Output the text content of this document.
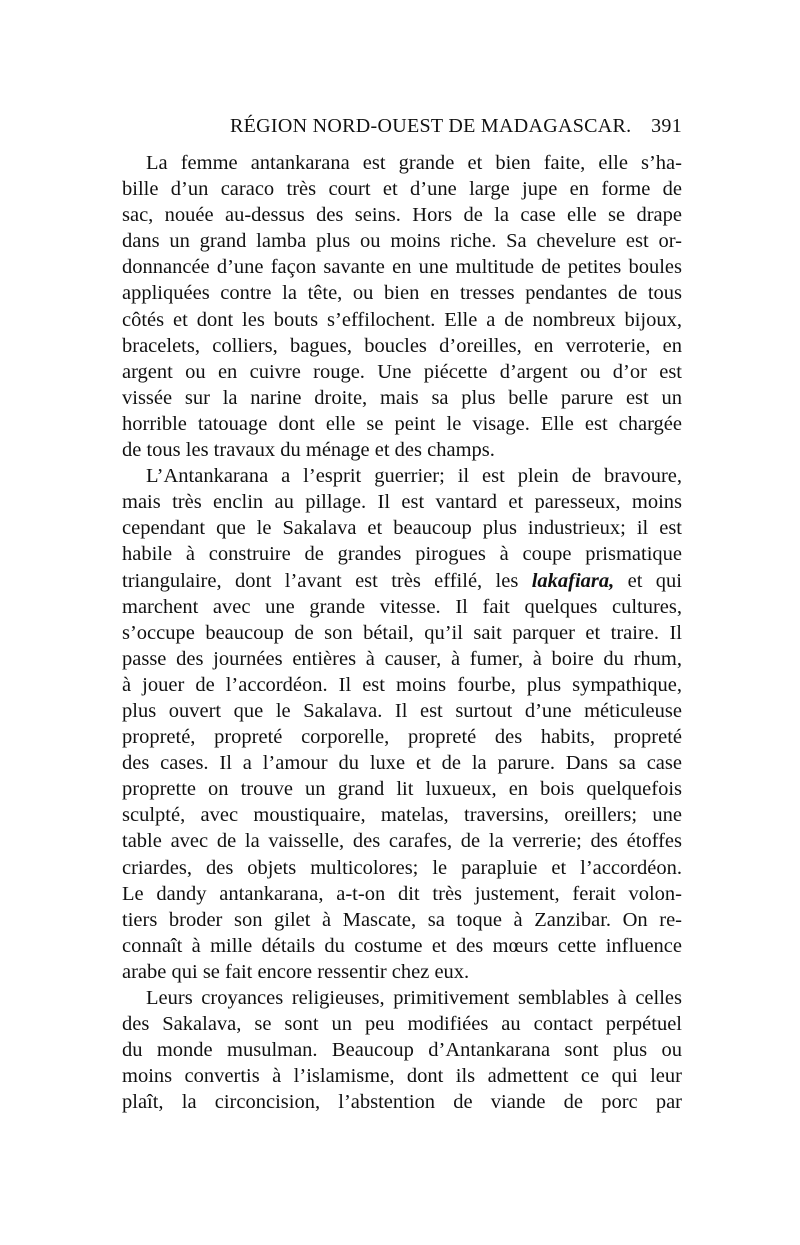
RÉGION NORD-OUEST DE MADAGASCAR. 391
La femme antankarana est grande et bien faite, elle s’ha-
bille d’un caraco très court et d’une large jupe en forme de
sac, nouée au-dessus des seins. Hors de la case elle se drape
dans un grand lamba plus ou moins riche. Sa chevelure est or-
donnancée d’une façon savante en une multitude de petites boules
appliquées contre la tête, ou bien en tresses pendantes de tous
côtés et dont les bouts s’effilochent. Elle a de nombreux bijoux,
bracelets, colliers, bagues, boucles d’oreilles, en verroterie, en
argent ou en cuivre rouge. Une piécette d’argent ou d’or est
vissée sur la narine droite, mais sa plus belle parure est un
horrible tatouage dont elle se peint le visage. Elle est chargée
de tous les travaux du ménage et des champs.
L’Antankarana a l’esprit guerrier; il est plein de bravoure,
mais très enclin au pillage. Il est vantard et paresseux, moins
cependant que le Sakalava et beaucoup plus industrieux; il est
habile à construire de grandes pirogues à coupe prismatique
triangulaire, dont l’avant est très effilé, les lakafiara, et qui
marchent avec une grande vitesse. Il fait quelques cultures,
s’occupe beaucoup de son bétail, qu’il sait parquer et traire. Il
passe des journées entières à causer, à fumer, à boire du rhum,
à jouer de l’accordéon. Il est moins fourbe, plus sympathique,
plus ouvert que le Sakalava. Il est surtout d’une méticuleuse
propreté, propreté corporelle, propreté des habits, propreté
des cases. Il a l’amour du luxe et de la parure. Dans sa case
proprette on trouve un grand lit luxueux, en bois quelquefois
sculpté, avec moustiquaire, matelas, traversins, oreillers; une
table avec de la vaisselle, des carafes, de la verrerie; des étoffes
criardes, des objets multicolores; le parapluie et l’accordéon.
Le dandy antankarana, a-t-on dit très justement, ferait volon-
tiers broder son gilet à Mascate, sa toque à Zanzibar. On re-
connaît à mille détails du costume et des mœurs cette influence
arabe qui se fait encore ressentir chez eux.
Leurs croyances religieuses, primitivement semblables à celles
des Sakalava, se sont un peu modifiées au contact perpétuel
du monde musulman. Beaucoup d’Antankarana sont plus ou
moins convertis à l’islamisme, dont ils admettent ce qui leur
plaît, la circoncision, l’abstention de viande de porc par
